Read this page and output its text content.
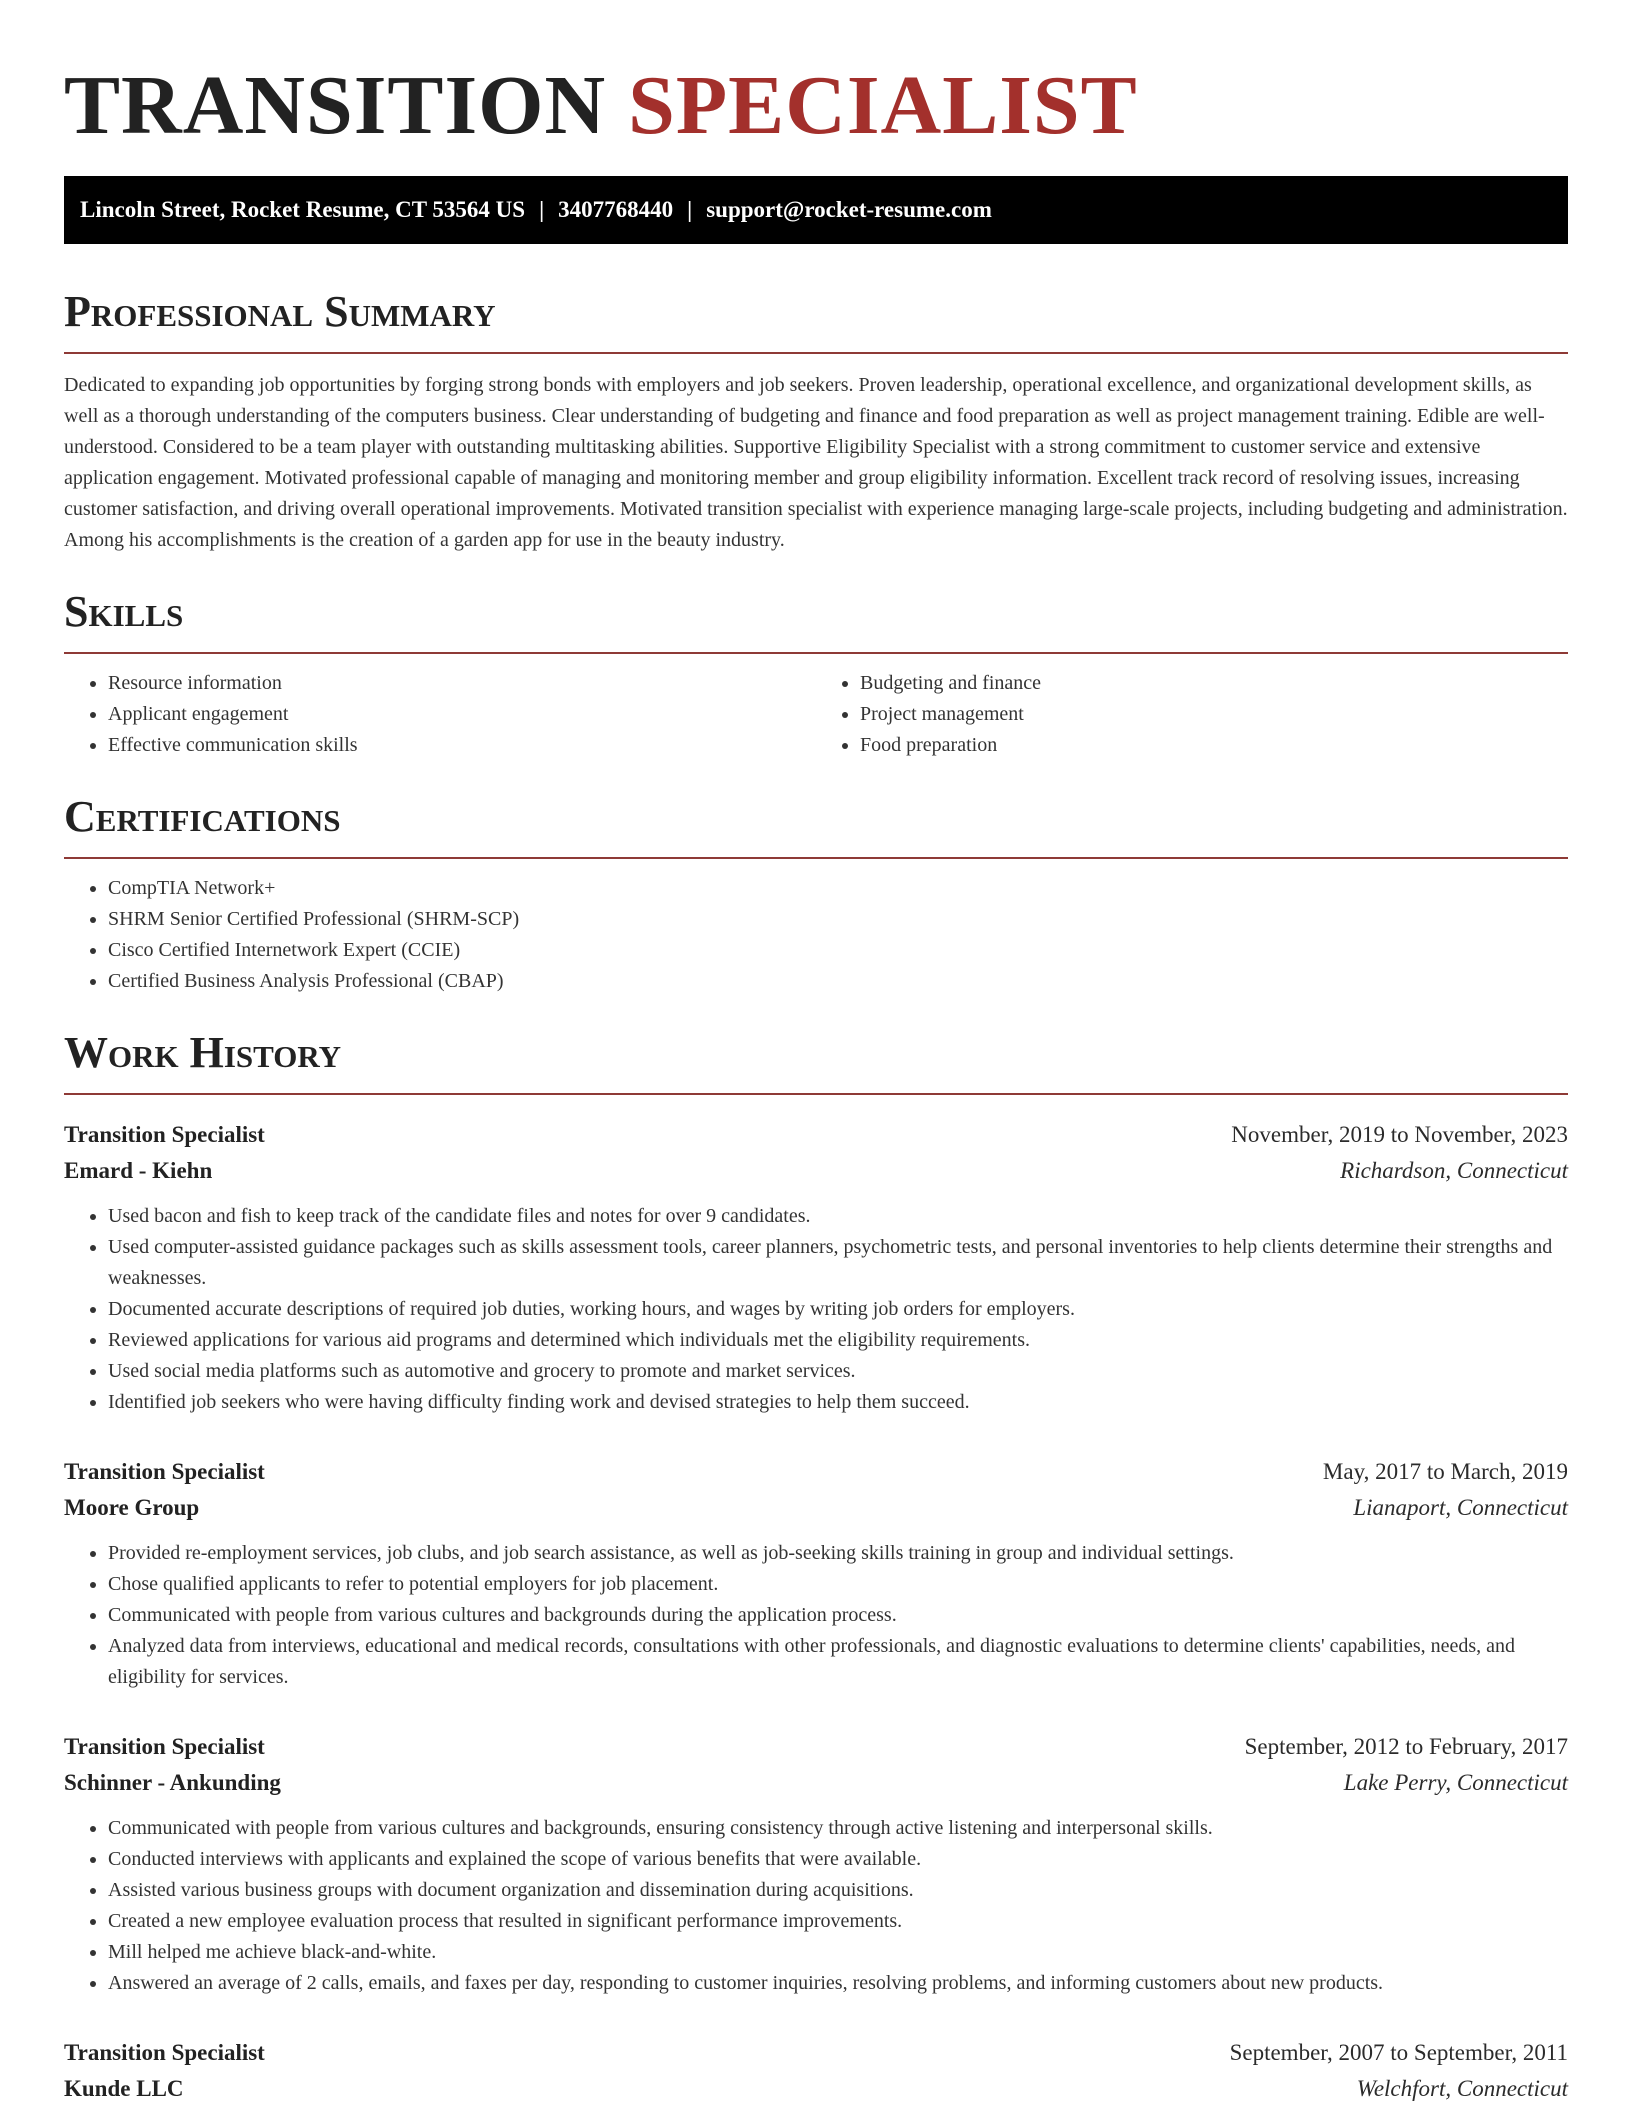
TRANSITION SPECIALIST
Lincoln Street, Rocket Resume, CT 53564 US | 3407768440 | support@rocket-resume.com
Professional Summary

Dedicated to expanding job opportunities by forging strong bonds with employers and job seekers. Proven leadership, operational excellence, and organizational development skills, as well as a thorough understanding of the computers business. Clear understanding of budgeting and finance and food preparation as well as project management training. Edible are well-understood. Considered to be a team player with outstanding multitasking abilities. Supportive Eligibility Specialist with a strong commitment to customer service and extensive application engagement. Motivated professional capable of managing and monitoring member and group eligibility information. Excellent track record of resolving issues, increasing customer satisfaction, and driving overall operational improvements. Motivated transition specialist with experience managing large-scale projects, including budgeting and administration. Among his accomplishments is the creation of a garden app for use in the beauty industry.

Skills
• Resource information
• Applicant engagement
• Effective communication skills
• Budgeting and finance
• Project management
• Food preparation
Certifications
• CompTIA Network+
• SHRM Senior Certified Professional (SHRM-SCP)
• Cisco Certified Internetwork Expert (CCIE)
• Certified Business Analysis Professional (CBAP)
Work History
Transition Specialist	November, 2019 to November, 2023
Emard - Kiehn	Richardson, Connecticut
• Used bacon and fish to keep track of the candidate files and notes for over 9 candidates.
• Used computer-assisted guidance packages such as skills assessment tools, career planners, psychometric tests, and personal inventories to help clients determine their strengths and weaknesses.
• Documented accurate descriptions of required job duties, working hours, and wages by writing job orders for employers.
• Reviewed applications for various aid programs and determined which individuals met the eligibility requirements.
• Used social media platforms such as automotive and grocery to promote and market services.
• Identified job seekers who were having difficulty finding work and devised strategies to help them succeed.
Transition Specialist	May, 2017 to March, 2019
Moore Group	Lianaport, Connecticut
• Provided re-employment services, job clubs, and job search assistance, as well as job-seeking skills training in group and individual settings.
• Chose qualified applicants to refer to potential employers for job placement.
• Communicated with people from various cultures and backgrounds during the application process.
• Analyzed data from interviews, educational and medical records, consultations with other professionals, and diagnostic evaluations to determine clients' capabilities, needs, and eligibility for services.
Transition Specialist	September, 2012 to February, 2017
Schinner - Ankunding	Lake Perry, Connecticut
• Communicated with people from various cultures and backgrounds, ensuring consistency through active listening and interpersonal skills.
• Conducted interviews with applicants and explained the scope of various benefits that were available.
• Assisted various business groups with document organization and dissemination during acquisitions.
• Created a new employee evaluation process that resulted in significant performance improvements.
• Mill helped me achieve black-and-white.
• Answered an average of 2 calls, emails, and faxes per day, responding to customer inquiries, resolving problems, and informing customers about new products.
Transition Specialist	September, 2007 to September, 2011
Kunde LLC	Welchfort, Connecticut
